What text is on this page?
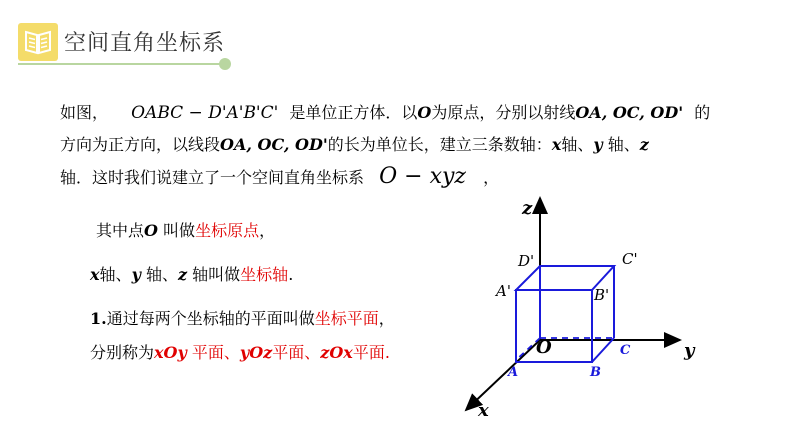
空间直角坐标系
如图， OABC − D'A'B'C' 是单位正方体．以O为原点，分别以射线OA, OC, OD' 的
方向为正方向，以线段OA, OC, OD'的长为单位长，建立三条数轴：x轴、y 轴、z
轴．这时我们说建立了一个空间直角坐标系 O − xyz ，
其中点O 叫做坐标原点，
x轴、y 轴、z 轴叫做坐标轴.
1.通过每两个坐标轴的平面叫做坐标平面，
分别称为xOy 平面、yOz平面、zOx平面.
z
y
x
O
A	B
C
D'	C'
A'	B'
